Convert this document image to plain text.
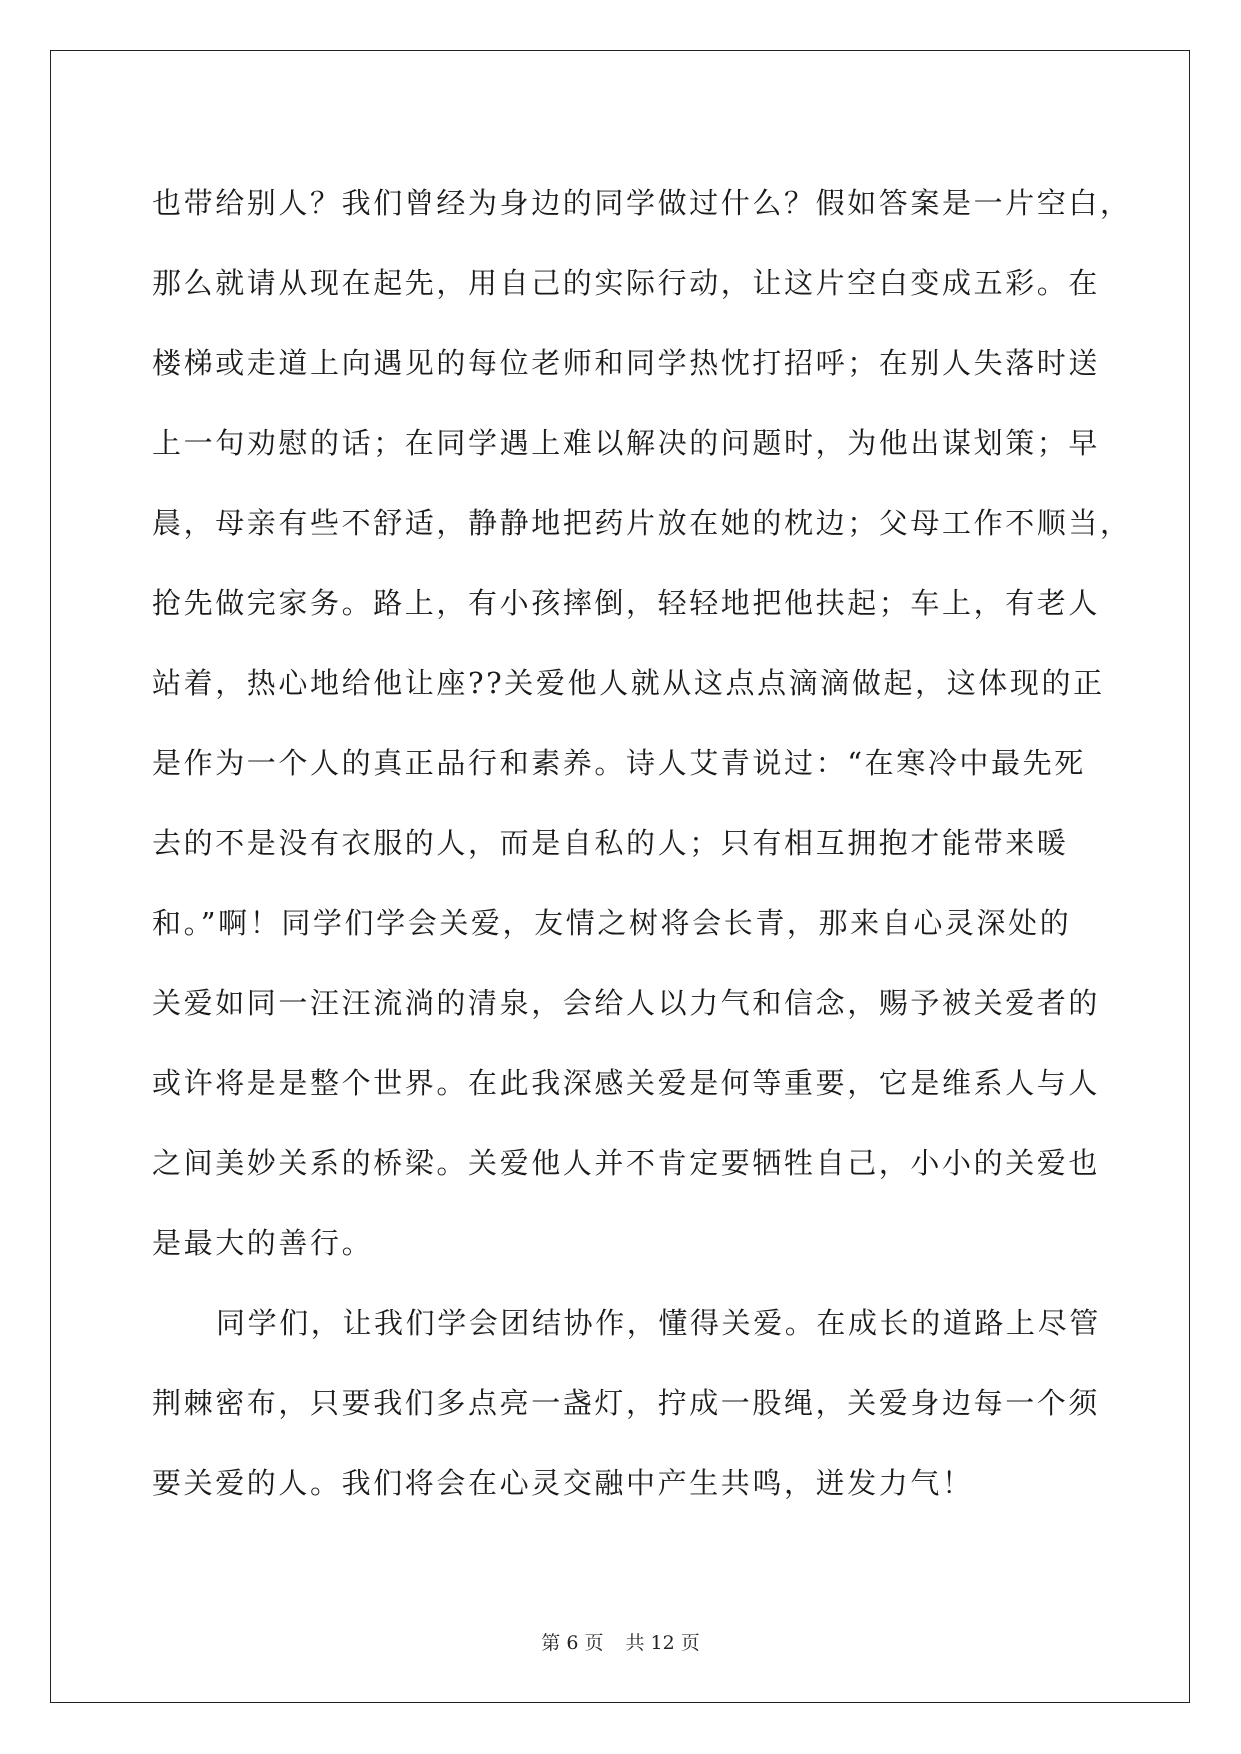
也带给别人？我们曾经为身边的同学做过什么？假如答案是一片空白，
那么就请从现在起先，用自己的实际行动，让这片空白变成五彩。在
楼梯或走道上向遇见的每位老师和同学热忱打招呼；在别人失落时送
上一句劝慰的话；在同学遇上难以解决的问题时，为他出谋划策；早
晨，母亲有些不舒适，静静地把药片放在她的枕边；父母工作不顺当，
抢先做完家务。路上，有小孩摔倒，轻轻地把他扶起；车上，有老人
站着，热心地给他让座??关爱他人就从这点点滴滴做起，这体现的正
是作为一个人的真正品行和素养。诗人艾青说过：“在寒冷中最先死
去的不是没有衣服的人，而是自私的人；只有相互拥抱才能带来暖
和。”啊！同学们学会关爱，友情之树将会长青，那来自心灵深处的
关爱如同一汪汪流淌的清泉，会给人以力气和信念，赐予被关爱者的
或许将是是整个世界。在此我深感关爱是何等重要，它是维系人与人
之间美妙关系的桥梁。关爱他人并不肯定要牺牲自己，小小的关爱也
是最大的善行。

同学们，让我们学会团结协作，懂得关爱。在成长的道路上尽管
荆棘密布，只要我们多点亮一盏灯，拧成一股绳，关爱身边每一个须
要关爱的人。我们将会在心灵交融中产生共鸣，迸发力气！

第 6 页 共 12 页
